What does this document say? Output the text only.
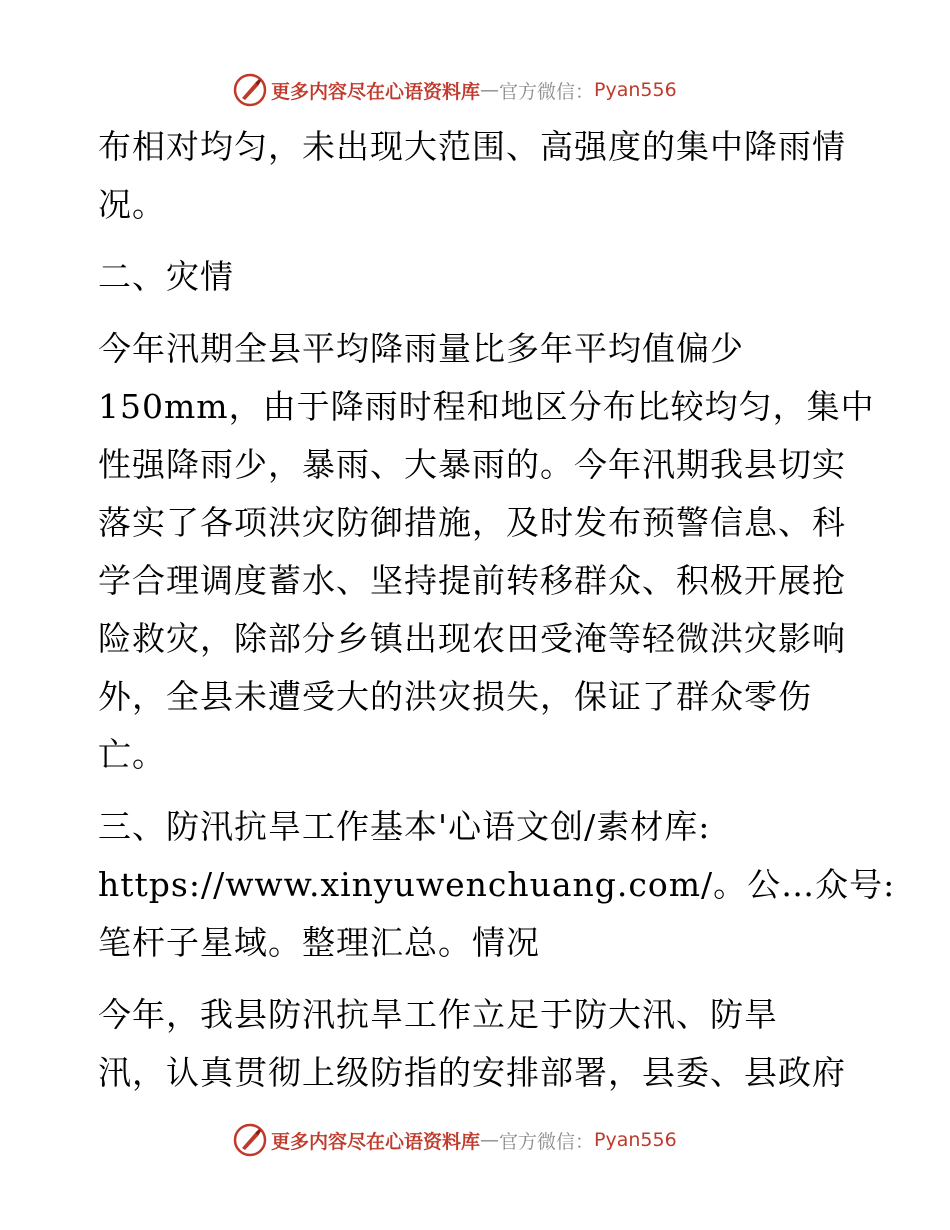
更多内容尽在心语资料库 — 官方微信： Pyan556
布相对均匀，未出现大范围、高强度的集中降雨情
况。
二、灾情
今年汛期全县平均降雨量比多年平均值偏少
150mm，由于降雨时程和地区分布比较均匀，集中
性强降雨少，暴雨、大暴雨的。今年汛期我县切实
落实了各项洪灾防御措施，及时发布预警信息、科
学合理调度蓄水、坚持提前转移群众、积极开展抢
险救灾，除部分乡镇出现农田受淹等轻微洪灾影响
外，全县未遭受大的洪灾损失，保证了群众零伤
亡。
三、防汛抗旱工作基本'心语文创/素材库:
https://www.xinyuwenchuang.com/。公…众号:
笔杆子星域。整理汇总。情况
今年，我县防汛抗旱工作立足于防大汛、防旱
汛，认真贯彻上级防指的安排部署，县委、县政府
更多内容尽在心语资料库 — 官方微信： Pyan556
